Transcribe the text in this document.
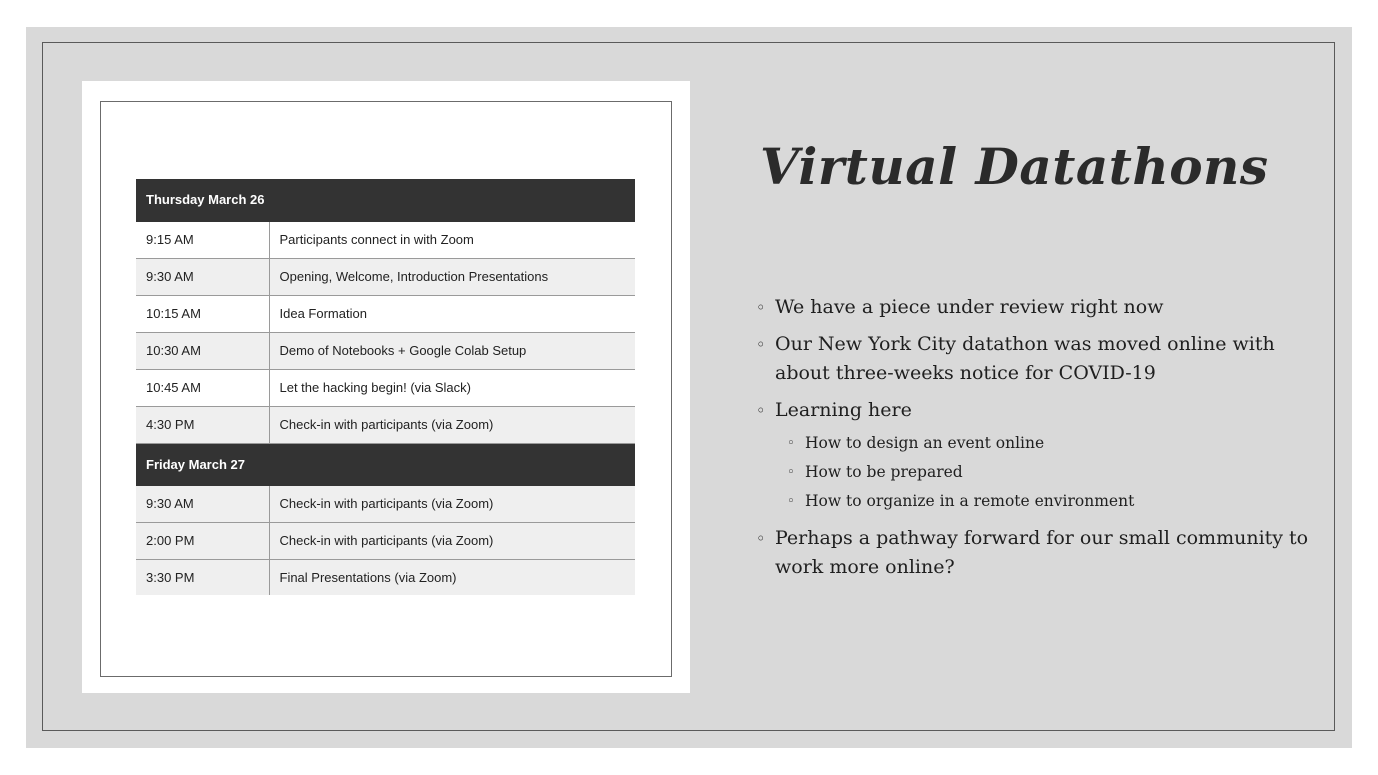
Thursday March 26	
9:15 AM	Participants connect in with Zoom
9:30 AM	Opening, Welcome, Introduction Presentations
10:15 AM	Idea Formation
10:30 AM	Demo of Notebooks + Google Colab Setup
10:45 AM	Let the hacking begin! (via Slack)
4:30 PM	Check-in with participants (via Zoom)
Friday March 27	
9:30 AM	Check-in with participants (via Zoom)
2:00 PM	Check-in with participants (via Zoom)
3:30 PM	Final Presentations (via Zoom)
Virtual Datathons
◦ We have a piece under review right now
◦ Our New York City datathon was moved online with about three-weeks notice for COVID-19
◦ Learning here
◦ How to design an event online
◦ How to be prepared
◦ How to organize in a remote environment
◦ Perhaps a pathway forward for our small community to work more online?
